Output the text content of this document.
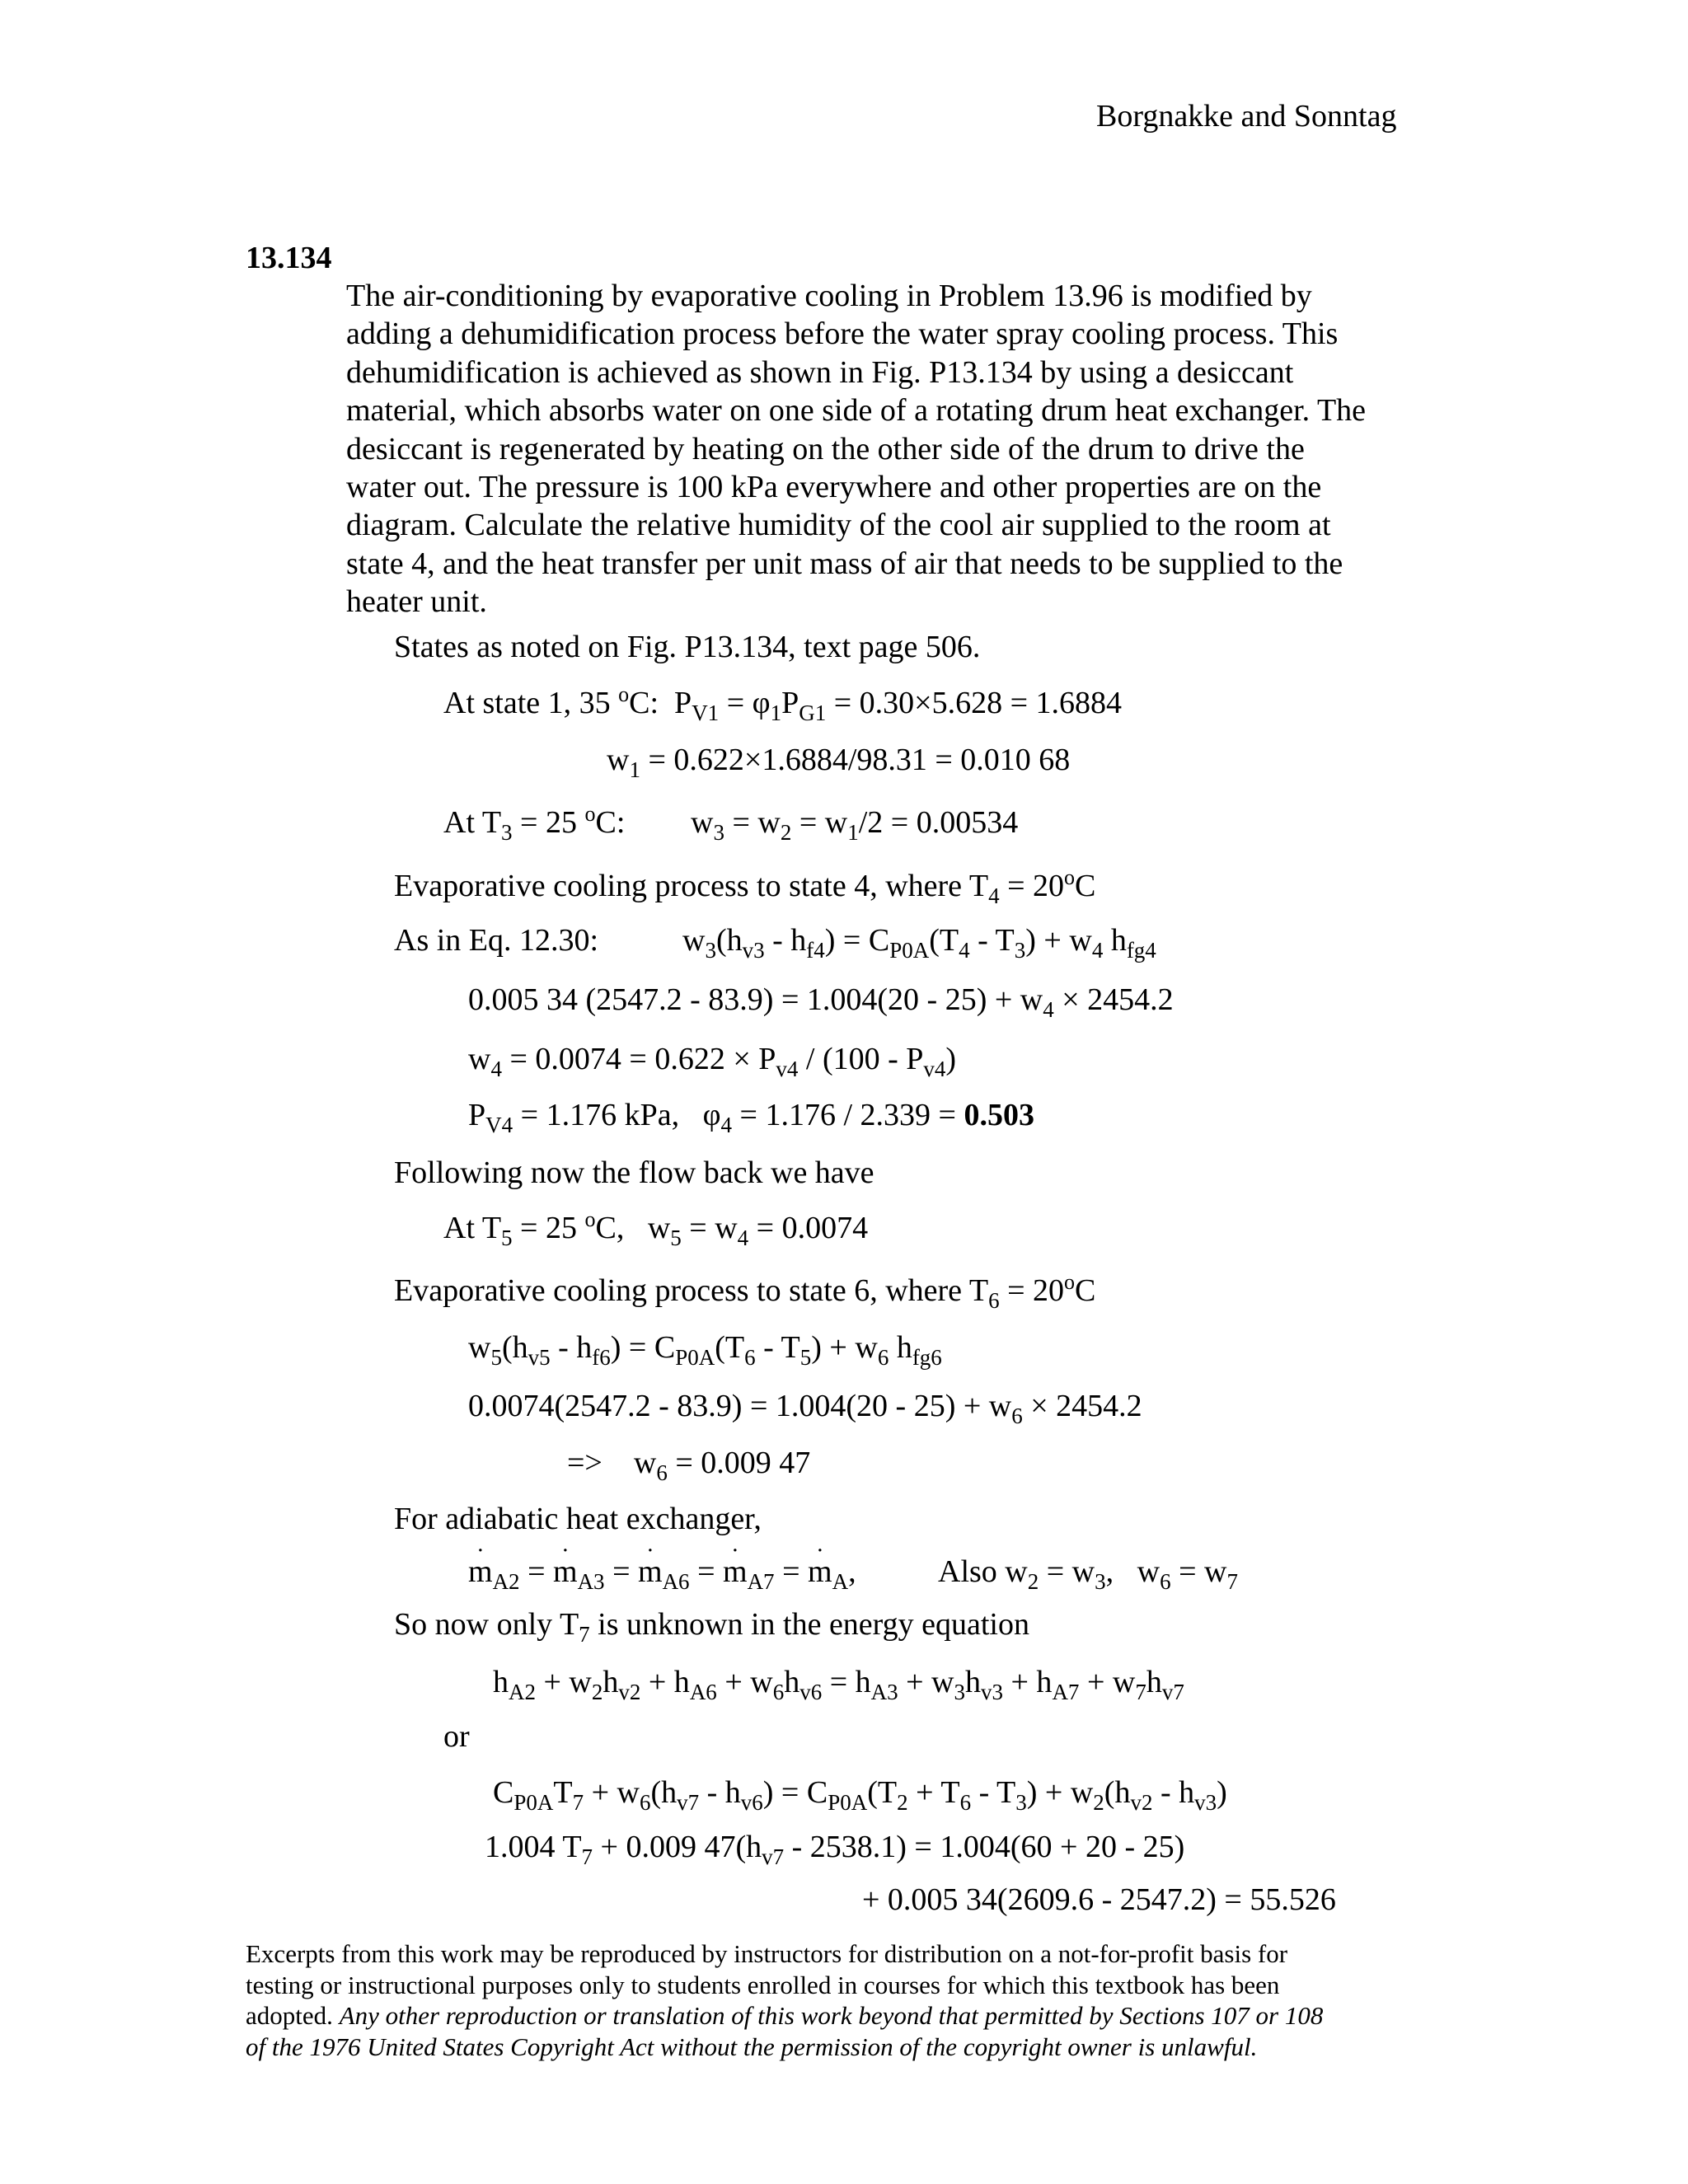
Borgnakke and Sonntag
13.134
The air-conditioning by evaporative cooling in Problem 13.96 is modified by
adding a dehumidification process before the water spray cooling process. This
dehumidification is achieved as shown in Fig. P13.134 by using a desiccant
material, which absorbs water on one side of a rotating drum heat exchanger. The
desiccant is regenerated by heating on the other side of the drum to drive the
water out. The pressure is 100 kPa everywhere and other properties are on the
diagram. Calculate the relative humidity of the cool air supplied to the room at
state 4, and the heat transfer per unit mass of air that needs to be supplied to the
heater unit.
States as noted on Fig. P13.134, text page 506.
At state 1, 35 $^o$C:  $P_{V1} = \varphi_1P_{G1} = 0.30\times 5.628 = 1.6884$
$w_1 = 0.622\times 1.6884/98.31 = 0.010$ 68
At $T_3 = 25$ $^o$C: $w_3 = w_2 = w_1/2 = 0.00534$
Evaporative cooling process to state 4, where $T_4 = 20^oC$
As in Eq. 12.30:	$w_3(h_{v3} - h_{f4}) = C_{P0A}(T_4 - T_3) + w_4$ $h_{fg4}$
0.005 34 $(2547.2 - 83.9) = 1.004(20 - 25) + w_4 \times 2454.2$
$w_4 = 0.0074 = 0.622 \times P_{v4} / (100 - P_{v4})$
$P_{V4} = 1.176$ kPa,   $\varphi_4 = 1.176 / 2.339 = 0.503$
Following now the flow back we have
At $T_5 = 25$ $^o$C,   $w_5 = w_4 = 0.0074$
Evaporative cooling process to state 6, where $T_6 = 20^oC$
$w_5(h_{v5} - h_{f6}) = C_{P0A}(T_6 - T_5) + w_6$ $h_{fg6}$
$0.0074(2547.2 - 83.9) = 1.004(20 - 25) + w_6 \times 2454.2$
=>    $w_6 = 0.009$ 47
For adiabatic heat exchanger,
˙ $m_{A2}$ = ˙ $m_{A3}$ = ˙ $m_{A6}$ = ˙ $m_{A7}$ = ˙ $m_A$,	Also $w_2 = w_3$,   $w_6 = w_7$
So now only $T_7$ is unknown in the energy equation
$h_{A2} + w_2h_{v2} + h_{A6} + w_6h_{v6} = h_{A3} + w_3h_{v3} + h_{A7} + w_7h_{v7}$
or
$C_{P0A}T_7 + w_6(h_{v7} - h_{v6}) = C_{P0A}(T_2 + T_6 - T_3) + w_2(h_{v2} - h_{v3})$
1.004 $T_7 + 0.009$ $47(h_{v7} - 2538.1) = 1.004(60 + 20 - 25)$
+ 0.005 34(2609.6 - 2547.2) = 55.526
Excerpts from this work may be reproduced by instructors for distribution on a not-for-profit basis for
testing or instructional purposes only to students enrolled in courses for which this textbook has been
adopted. Any other reproduction or translation of this work beyond that permitted by Sections 107 or 108
of the 1976 United States Copyright Act without the permission of the copyright owner is unlawful.
